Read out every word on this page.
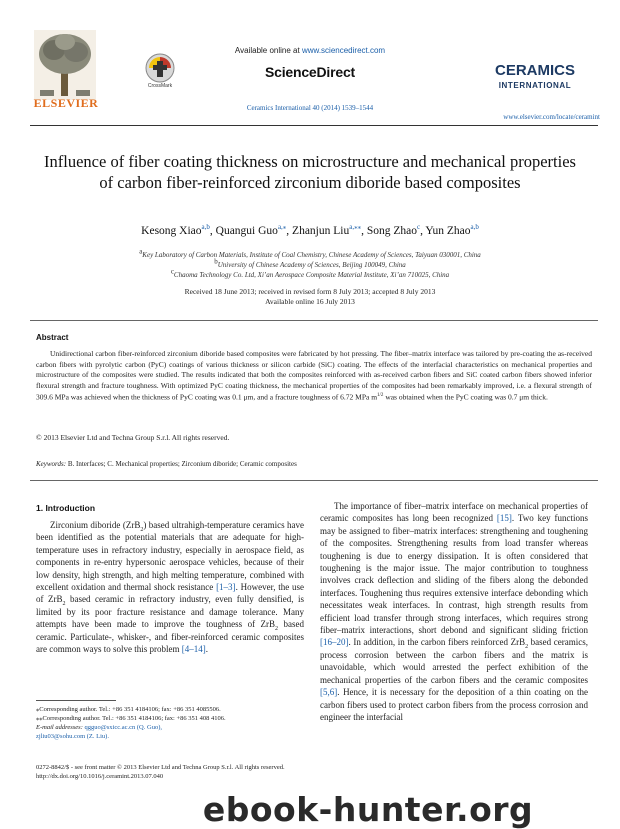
ELSEVIER
CrossMark
Available online at www.sciencedirect.com
ScienceDirect
Ceramics International 40 (2014) 1539–1544
CERAMICS
INTERNATIONAL
www.elsevier.com/locate/ceramint
Influence of fiber coating thickness on microstructure and mechanical properties of carbon fiber-reinforced zirconium diboride based composites
Kesong Xiao$^{a,b}$, Quangui Guo$^{a,⁎}$, Zhanjun Liu$^{a,⁎⁎}$, Song Zhao$^c$, Yun Zhao$^{a,b}$
aKey Laboratory of Carbon Materials, Institute of Coal Chemistry, Chinese Academy of Sciences, Taiyuan 030001, China
bUniversity of Chinese Academy of Sciences, Beijing 100049, China
cChaoma Technology Co. Ltd, Xi’an Aerospace Composite Material Institute, Xi’an 710025, China
Received 18 June 2013; received in revised form 8 July 2013; accepted 8 July 2013
Available online 16 July 2013
Abstract
Unidirectional carbon fiber-reinforced zirconium diboride based composites were fabricated by hot pressing. The fiber–matrix interface was tailored by pre-coating the as-received carbon fibers with pyrolytic carbon (PyC) coatings of various thickness or silicon carbide (SiC) coating. The effects of the interfacial characteristics on mechanical properties and microstructure of the composites were studied. The results indicated that both the composites reinforced with as-received carbon fibers and SiC coated carbon fibers showed inferior flexural strength and fracture toughness. With optimized PyC coating thickness, the mechanical properties of the composites had been remarkably improved, i.e. a flexural strength of 309.6 MPa was achieved when the thickness of PyC coating was 0.1 μm, and a fracture toughness of 6.72 MPa $m^{1/2}$ was obtained when the PyC coating was 0.7 μm thick.
© 2013 Elsevier Ltd and Techna Group S.r.l. All rights reserved.
Keywords: B. Interfaces; C. Mechanical properties; Zirconium diboride; Ceramic composites
1. Introduction
Zirconium diboride (ZrB$_2$) based ultrahigh-temperature ceramics have been identified as the potential materials that are adequate for high-temperature uses in refractory industry, especially in aerospace field, as components in re-entry hypersonic aerospace vehicles, because of their low density, high strength, and high melting temperature, combined with excellent oxidation and thermal shock resistance [1–3]. However, the use of ZrB$_2$ based ceramic in refractory industry, even fully densified, is limited by its poor fracture resistance and damage tolerance. Many attempts have been made to improve the toughness of ZrB$_2$ based ceramic. Particulate-, whisker-, and fiber-reinforced ceramic composites are common ways to solve this problem [4–14].
The importance of fiber–matrix interface on mechanical properties of ceramic composites has long been recognized [15]. Two key functions may be assigned to fiber–matrix interfaces: strengthening and toughening of the composites. Strengthening results from load transfer whereas toughening is due to energy dissipation. It is often considered that toughening is the major issue. The major contribution to toughness involves crack deflection and sliding of the fibers along the debonded interfaces. Toughening thus requires extensive interface debonding which necessitates weak interfaces. In contrast, high strength results from efficient load transfer through strong interfaces, which requires strong fiber–matrix interactions, short debond and significant sliding friction [16–20]. In addition, in the carbon fibers reinforced ZrB$_2$ based ceramics, process corrosion between the carbon fibers and the matrix is unavoidable, which would arrested the perfect exhibition of the mechanical properties of the carbon fibers and the ceramic composites [5,6]. Hence, it is necessary for the deposition of a thin coating on the carbon fibers used to protect carbon fibers from the process corrosion and engineer the interfacial
⁎Corresponding author. Tel.: +86 351 4184106; fax: +86 351 4085506.
⁎⁎Corresponding author. Tel.: +86 351 4184106; fax: +86 351 408 4106.
E-mail addresses: qgguo@sxicc.ac.cn (Q. Guo),
zjliu03@sohu.com (Z. Liu).
0272-8842/$ - see front matter © 2013 Elsevier Ltd and Techna Group S.r.l. All rights reserved.
http://dx.doi.org/10.1016/j.ceramint.2013.07.040
ebook-hunter.org
